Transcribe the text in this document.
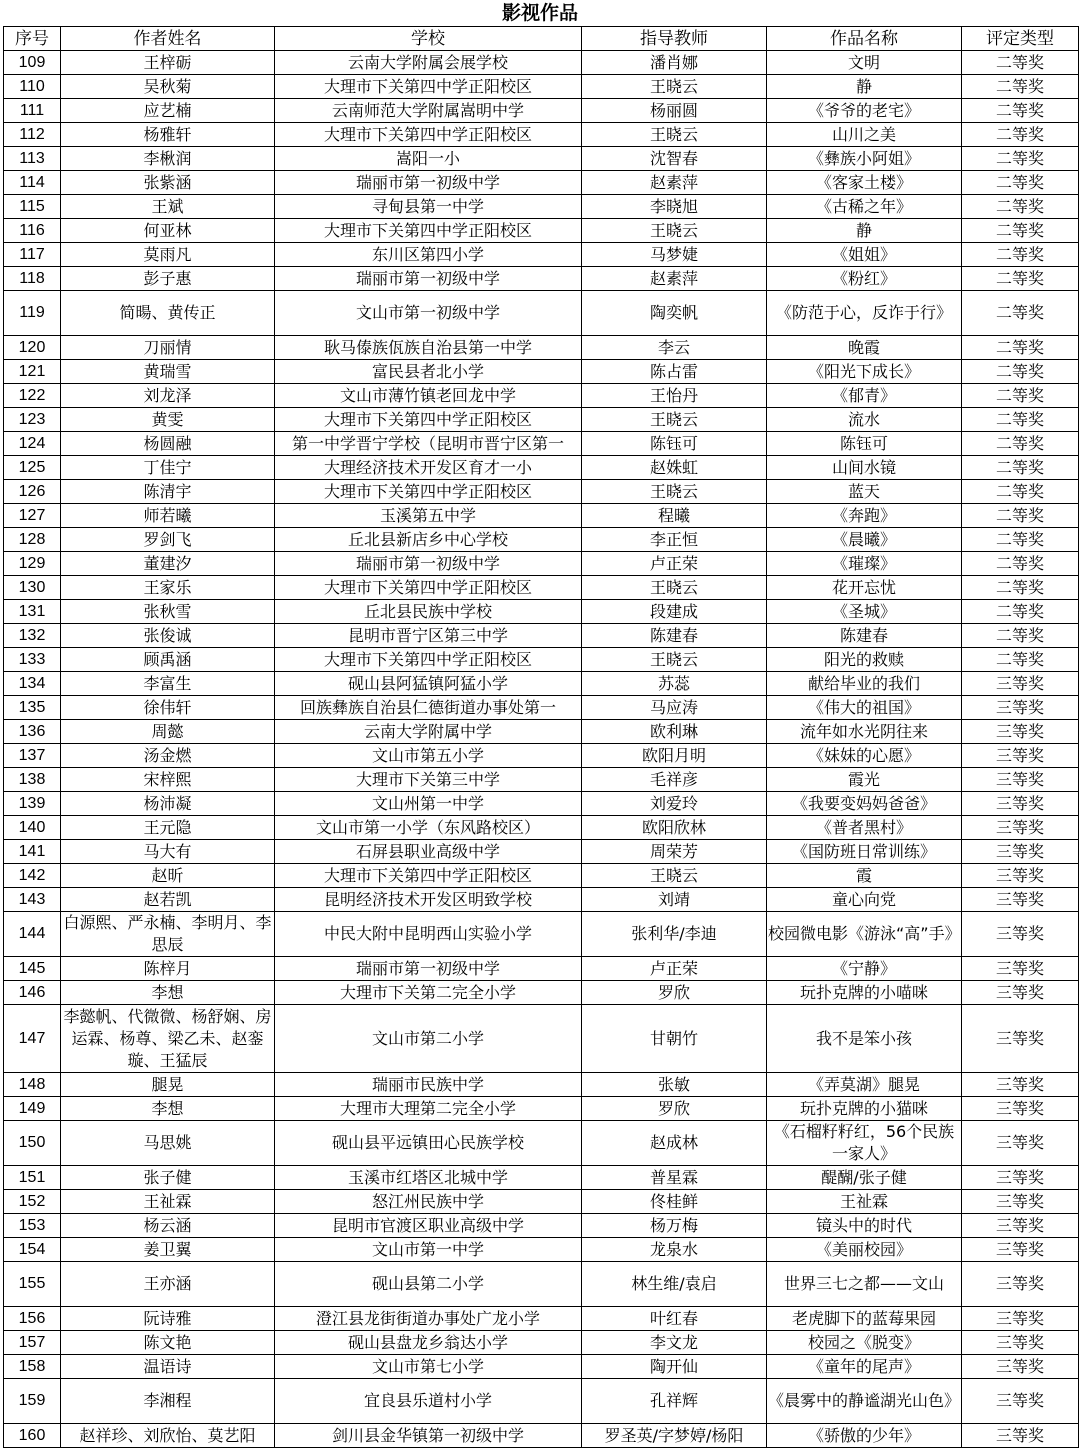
影视作品
序号	作者姓名	学校	指导教师	作品名称	评定类型
109	王梓砺	云南大学附属会展学校	潘肖娜	文明	二等奖
110	吴秋菊	大理市下关第四中学正阳校区	王晓云	静	二等奖
111	应艺楠	云南师范大学附属嵩明中学	杨丽圆	《爷爷的老宅》	二等奖
112	杨雅轩	大理市下关第四中学正阳校区	王晓云	山川之美	二等奖
113	李楸润	嵩阳一小	沈智春	《彝族小阿姐》	二等奖
114	张紫涵	瑞丽市第一初级中学	赵素萍	《客家土楼》	二等奖
115	王斌	寻甸县第一中学	李晓旭	《古稀之年》	二等奖
116	何亚林	大理市下关第四中学正阳校区	王晓云	静	二等奖
117	莫雨凡	东川区第四小学	马梦婕	《姐姐》	二等奖
118	彭子惠	瑞丽市第一初级中学	赵素萍	《粉红》	二等奖
119	简暘、黄传正	文山市第一初级中学	陶奕帆	《防范于心，反诈于行》	二等奖
120	刀丽情	耿马傣族佤族自治县第一中学	李云	晚霞	二等奖
121	黄瑞雪	富民县者北小学	陈占雷	《阳光下成长》	二等奖
122	刘龙泽	文山市薄竹镇老回龙中学	王怡丹	《郁青》	二等奖
123	黄雯	大理市下关第四中学正阳校区	王晓云	流水	二等奖
124	杨圆融	第一中学晋宁学校（昆明市晋宁区第一	陈钰可	陈钰可	二等奖
125	丁佳宁	大理经济技术开发区育才一小	赵姝虹	山间水镜	二等奖
126	陈清宇	大理市下关第四中学正阳校区	王晓云	蓝天	二等奖
127	师若曦	玉溪第五中学	程曦	《奔跑》	二等奖
128	罗剑飞	丘北县新店乡中心学校	李正恒	《晨曦》	二等奖
129	董建汐	瑞丽市第一初级中学	卢正荣	《璀璨》	二等奖
130	王家乐	大理市下关第四中学正阳校区	王晓云	花开忘忧	二等奖
131	张秋雪	丘北县民族中学校	段建成	《圣城》	二等奖
132	张俊诚	昆明市晋宁区第三中学	陈建春	陈建春	二等奖
133	顾禹涵	大理市下关第四中学正阳校区	王晓云	阳光的救赎	二等奖
134	李富生	砚山县阿猛镇阿猛小学	苏蕊	献给毕业的我们	三等奖
135	徐伟轩	回族彝族自治县仁德街道办事处第一	马应涛	《伟大的祖国》	三等奖
136	周懿	云南大学附属中学	欧利琳	流年如水光阴往来	三等奖
137	汤金燃	文山市第五小学	欧阳月明	《妹妹的心愿》	三等奖
138	宋梓熙	大理市下关第三中学	毛祥彦	霞光	三等奖
139	杨沛凝	文山州第一中学	刘爱玲	《我要变妈妈爸爸》	三等奖
140	王元隐	文山市第一小学（东风路校区）	欧阳欣林	《普者黑村》	三等奖
141	马大有	石屏县职业高级中学	周荣芳	《国防班日常训练》	三等奖
142	赵昕	大理市下关第四中学正阳校区	王晓云	霞	三等奖
143	赵若凯	昆明经济技术开发区明致学校	刘靖	童心向党	三等奖
144	白源熙、严永楠、李明月、李思辰	中民大附中昆明西山实验小学	张利华/李迪	校园微电影《游泳“高”手》	三等奖
145	陈梓月	瑞丽市第一初级中学	卢正荣	《宁静》	三等奖
146	李想	大理市下关第二完全小学	罗欣	玩扑克牌的小喵咪	三等奖
147	李懿帆、代微微、杨舒娴、房运霖、杨尊、梁乙未、赵銮璇、王猛辰	文山市第二小学	甘朝竹	我不是笨小孩	三等奖
148	腿晃	瑞丽市民族中学	张敏	《弄莫湖》腿晃	三等奖
149	李想	大理市大理第二完全小学	罗欣	玩扑克牌的小猫咪	三等奖
150	马思姚	砚山县平远镇田心民族学校	赵成林	《石榴籽籽红，56个民族一家人》	三等奖
151	张子健	玉溪市红塔区北城中学	普星霖	醍醐/张子健	三等奖
152	王祉霖	怒江州民族中学	佟桂鲜	王祉霖	三等奖
153	杨云涵	昆明市官渡区职业高级中学	杨万梅	镜头中的时代	三等奖
154	姜卫翼	文山市第一中学	龙泉水	《美丽校园》	三等奖
155	王亦涵	砚山县第二小学	林生维/袁启	世界三七之都——文山	三等奖
156	阮诗雅	澄江县龙街街道办事处广龙小学	叶红春	老虎脚下的蓝莓果园	三等奖
157	陈文艳	砚山县盘龙乡翁达小学	李文龙	校园之《脱变》	三等奖
158	温语诗	文山市第七小学	陶开仙	《童年的尾声》	三等奖
159	李湘程	宜良县乐道村小学	孔祥辉	《晨雾中的静谧湖光山色》	三等奖
160	赵祥珍、刘欣怡、莫艺阳	剑川县金华镇第一初级中学	罗圣英/字梦婷/杨阳	《骄傲的少年》	三等奖
